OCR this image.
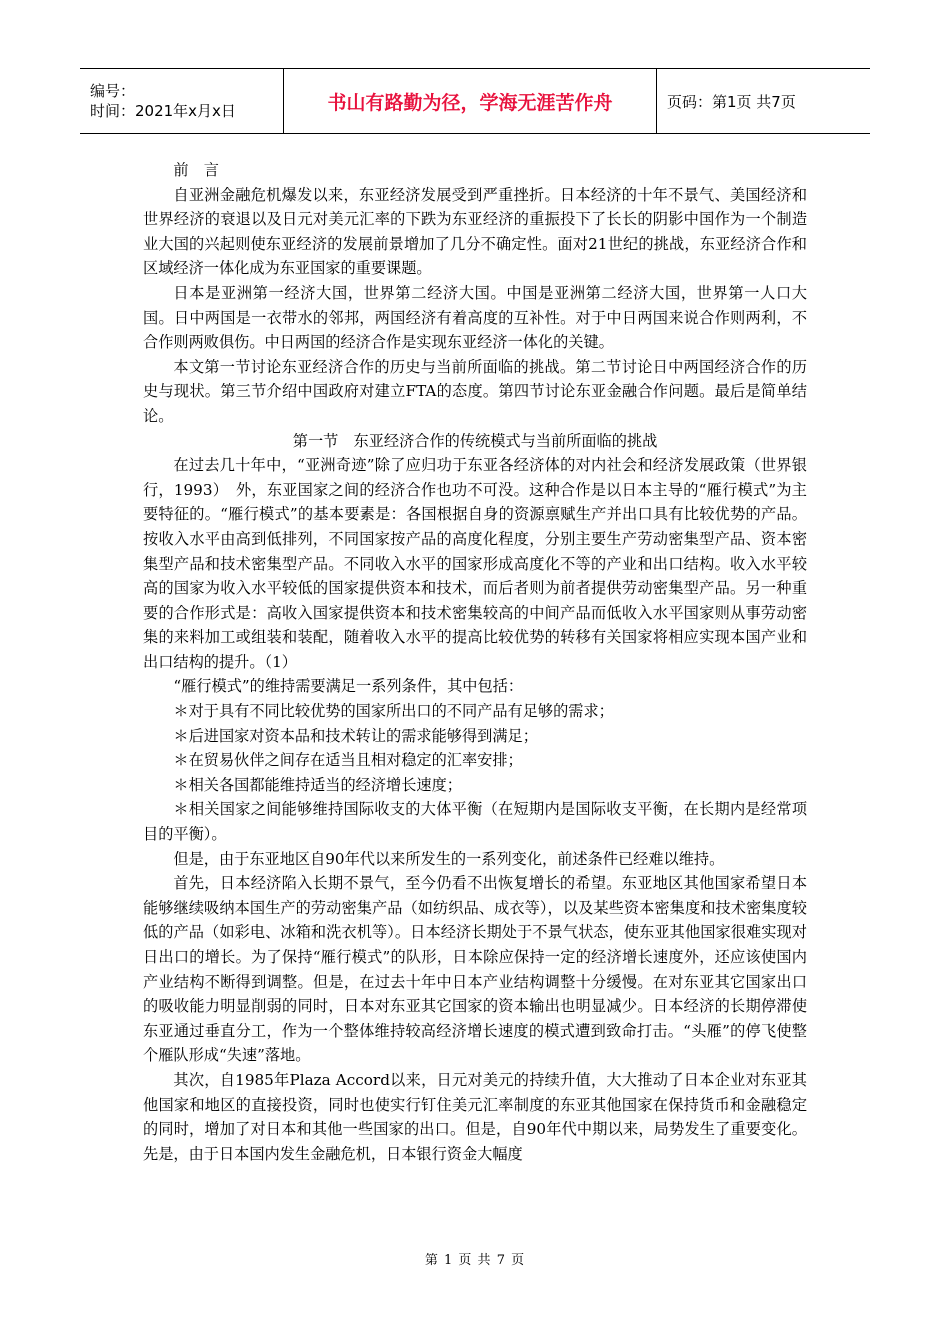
编号：
时间：2021年x月x日	书山有路勤为径，学海无涯苦作舟	页码：第1页 共7页

前　言

自亚洲金融危机爆发以来，东亚经济发展受到严重挫折。日本经济的十年不景气、美国经济和世界经济的衰退以及日元对美元汇率的下跌为东亚经济的重振投下了长长的阴影中国作为一个制造业大国的兴起则使东亚经济的发展前景增加了几分不确定性。面对21世纪的挑战，东亚经济合作和区域经济一体化成为东亚国家的重要课题。

日本是亚洲第一经济大国，世界第二经济大国。中国是亚洲第二经济大国，世界第一人口大国。日中两国是一衣带水的邻邦，两国经济有着高度的互补性。对于中日两国来说合作则两利，不合作则两败俱伤。中日两国的经济合作是实现东亚经济一体化的关键。

本文第一节讨论东亚经济合作的历史与当前所面临的挑战。第二节讨论日中两国经济合作的历史与现状。第三节介绍中国政府对建立FTA的态度。第四节讨论东亚金融合作问题。最后是简单结论。

第一节　东亚经济合作的传统模式与当前所面临的挑战

在过去几十年中，“亚洲奇迹”除了应归功于东亚各经济体的对内社会和经济发展政策（世界银行，1993）　外，东亚国家之间的经济合作也功不可没。这种合作是以日本主导的“雁行模式”为主要特征的。“雁行模式”的基本要素是：各国根据自身的资源禀赋生产并出口具有比较优势的产品。按收入水平由高到低排列，不同国家按产品的高度化程度，分别主要生产劳动密集型产品、资本密集型产品和技术密集型产品。不同收入水平的国家形成高度化不等的产业和出口结构。收入水平较高的国家为收入水平较低的国家提供资本和技术，而后者则为前者提供劳动密集型产品。另一种重要的合作形式是：高收入国家提供资本和技术密集较高的中间产品而低收入水平国家则从事劳动密集的来料加工或组装和装配，随着收入水平的提高比较优势的转移有关国家将相应实现本国产业和出口结构的提升。（1）

“雁行模式”的维持需要满足一系列条件，其中包括：

＊对于具有不同比较优势的国家所出口的不同产品有足够的需求；

＊后进国家对资本品和技术转让的需求能够得到满足；

＊在贸易伙伴之间存在适当且相对稳定的汇率安排；

＊相关各国都能维持适当的经济增长速度；

＊相关国家之间能够维持国际收支的大体平衡（在短期内是国际收支平衡，在长期内是经常项目的平衡）。

但是，由于东亚地区自90年代以来所发生的一系列变化，前述条件已经难以维持。

首先，日本经济陷入长期不景气，至今仍看不出恢复增长的希望。东亚地区其他国家希望日本能够继续吸纳本国生产的劳动密集产品（如纺织品、成衣等），以及某些资本密集度和技术密集度较低的产品（如彩电、冰箱和洗衣机等）。日本经济长期处于不景气状态，使东亚其他国家很难实现对日出口的增长。为了保持“雁行模式”的队形，日本除应保持一定的经济增长速度外，还应该使国内产业结构不断得到调整。但是，在过去十年中日本产业结构调整十分缓慢。在对东亚其它国家出口的吸收能力明显削弱的同时，日本对东亚其它国家的资本输出也明显减少。日本经济的长期停滞使东亚通过垂直分工，作为一个整体维持较高经济增长速度的模式遭到致命打击。“头雁”的停飞使整个雁队形成“失速”落地。

其次，自1985年Plaza Accord以来，日元对美元的持续升值，大大推动了日本企业对东亚其他国家和地区的直接投资，同时也使实行钉住美元汇率制度的东亚其他国家在保持货币和金融稳定的同时，增加了对日本和其他一些国家的出口。但是，自90年代中期以来，局势发生了重要变化。先是，由于日本国内发生金融危机，日本银行资金大幅度

第 1 页 共 7 页
